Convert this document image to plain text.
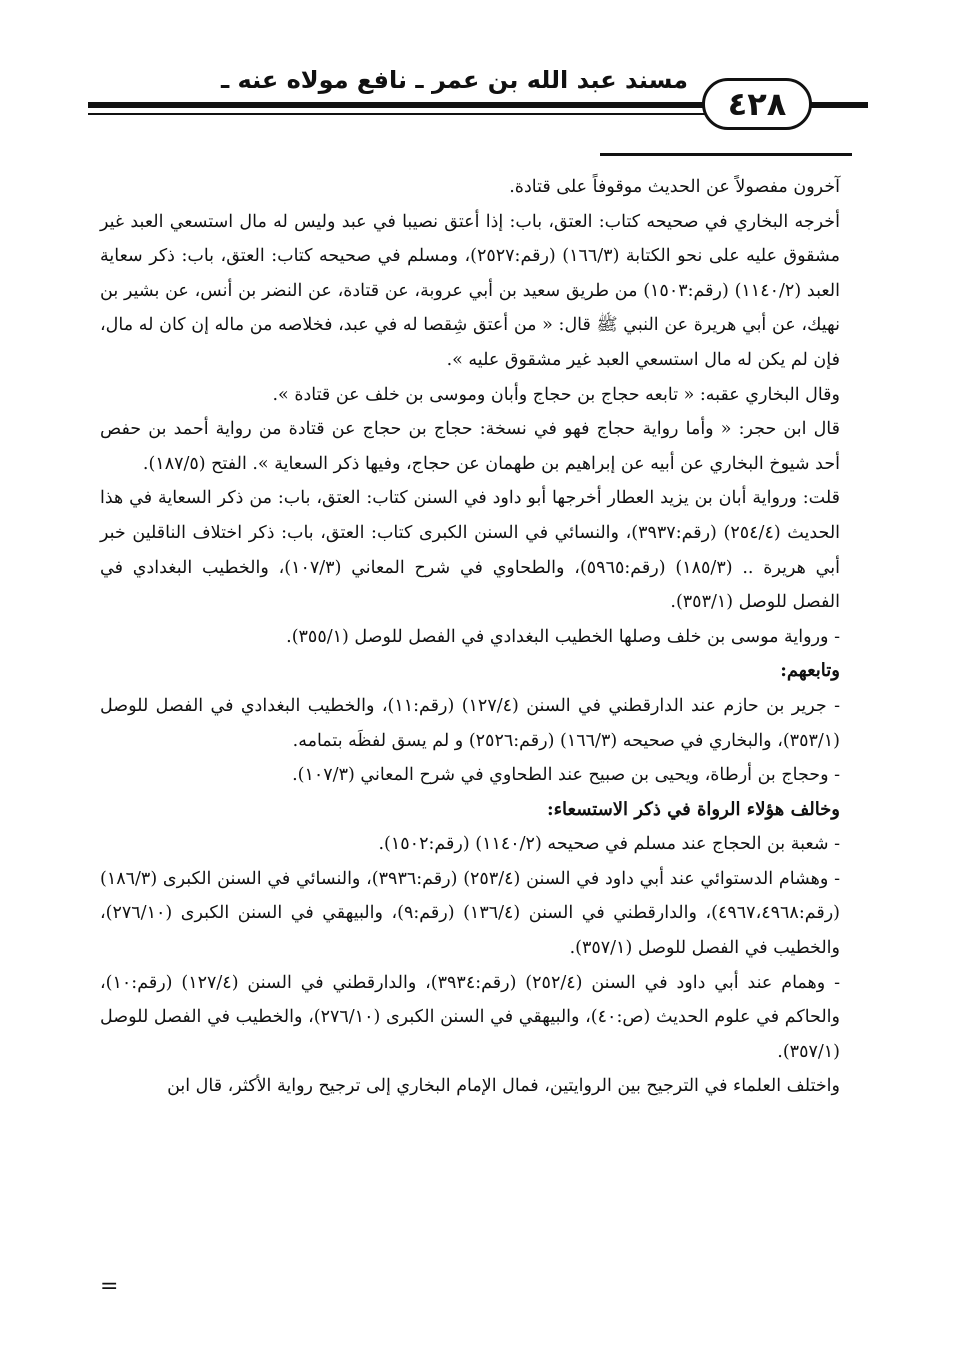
مسند عبد الله بن عمر ـ نافع مولاه عنه ـ
٤٢٨

آخرون مفصولاً عن الحديث موقوفاً على قتادة.

أخرجه البخاري في صحيحه كتاب: العتق، باب: إذا أعتق نصيبا في عبد وليس له مال استسعي العبد غير مشقوق عليه على نحو الكتابة (١٦٦/٣) (رقم:٢٥٢٧)، ومسلم في صحيحه كتاب: العتق، باب: ذكر سعاية العبد (١١٤٠/٢) (رقم:١٥٠٣) من طريق سعيد بن أبي عروبة، عن قتادة، عن النضر بن أنس، عن بشير بن نهيك، عن أبي هريرة عن النبي ﷺ قال: « من أعتق شِقصا له في عبد، فخلاصه من ماله إن كان له مال، فإن لم يكن له مال استسعي العبد غير مشقوق عليه ».

وقال البخاري عقبه: « تابعه حجاج بن حجاج وأبان وموسى بن خلف عن قتادة ».

قال ابن حجر: « وأما رواية حجاج فهو في نسخة: حجاج بن حجاج عن قتادة من رواية أحمد بن حفص أحد شيوخ البخاري عن أبيه عن إبراهيم بن طهمان عن حجاج، وفيها ذكر السعاية ». الفتح (١٨٧/٥).

قلت: ورواية أبان بن يزيد العطار أخرجها أبو داود في السنن كتاب: العتق، باب: من ذكر السعاية في هذا الحديث (٢٥٤/٤) (رقم:٣٩٣٧)، والنسائي في السنن الكبرى كتاب: العتق، باب: ذكر اختلاف الناقلين خبر أبي هريرة .. (١٨٥/٣) (رقم:٥٩٦٥)، والطحاوي في شرح المعاني (١٠٧/٣)، والخطيب البغدادي في الفصل للوصل (٣٥٣/١).

- ورواية موسى بن خلف وصلها الخطيب البغدادي في الفصل للوصل (٣٥٥/١).

وتابعهم:

- جرير بن حازم عند الدارقطني في السنن (١٢٧/٤) (رقم:١١)، والخطيب البغدادي في الفصل للوصل (٣٥٣/١)، والبخاري في صحيحه (١٦٦/٣) (رقم:٢٥٢٦) و لم يسق لفظَه بتمامه.

- وحجاج بن أرطاة، ويحيى بن صبيح عند الطحاوي في شرح المعاني (١٠٧/٣).

وخالف هؤلاء الرواة في ذكر الاستسعاء:

- شعبة بن الحجاج عند مسلم في صحيحه (١١٤٠/٢) (رقم:١٥٠٢).

- وهشام الدستوائي عند أبي داود في السنن (٢٥٣/٤) (رقم:٣٩٣٦)، والنسائي في السنن الكبرى (١٨٦/٣) (رقم:٤٩٦٧،٤٩٦٨)، والدارقطني في السنن (١٣٦/٤) (رقم:٩)، والبيهقي في السنن الكبرى (٢٧٦/١٠)، والخطيب في الفصل للوصل (٣٥٧/١).

- وهمام عند أبي داود في السنن (٢٥٢/٤) (رقم:٣٩٣٤)، والدارقطني في السنن (١٢٧/٤) (رقم:١٠)، والحاكم في علوم الحديث (ص:٤٠)، والبيهقي في السنن الكبرى (٢٧٦/١٠)، والخطيب في الفصل للوصل (٣٥٧/١).

واختلف العلماء في الترجيح بين الروايتين، فمال الإمام البخاري إلى ترجيح رواية الأكثر، قال ابن

=
